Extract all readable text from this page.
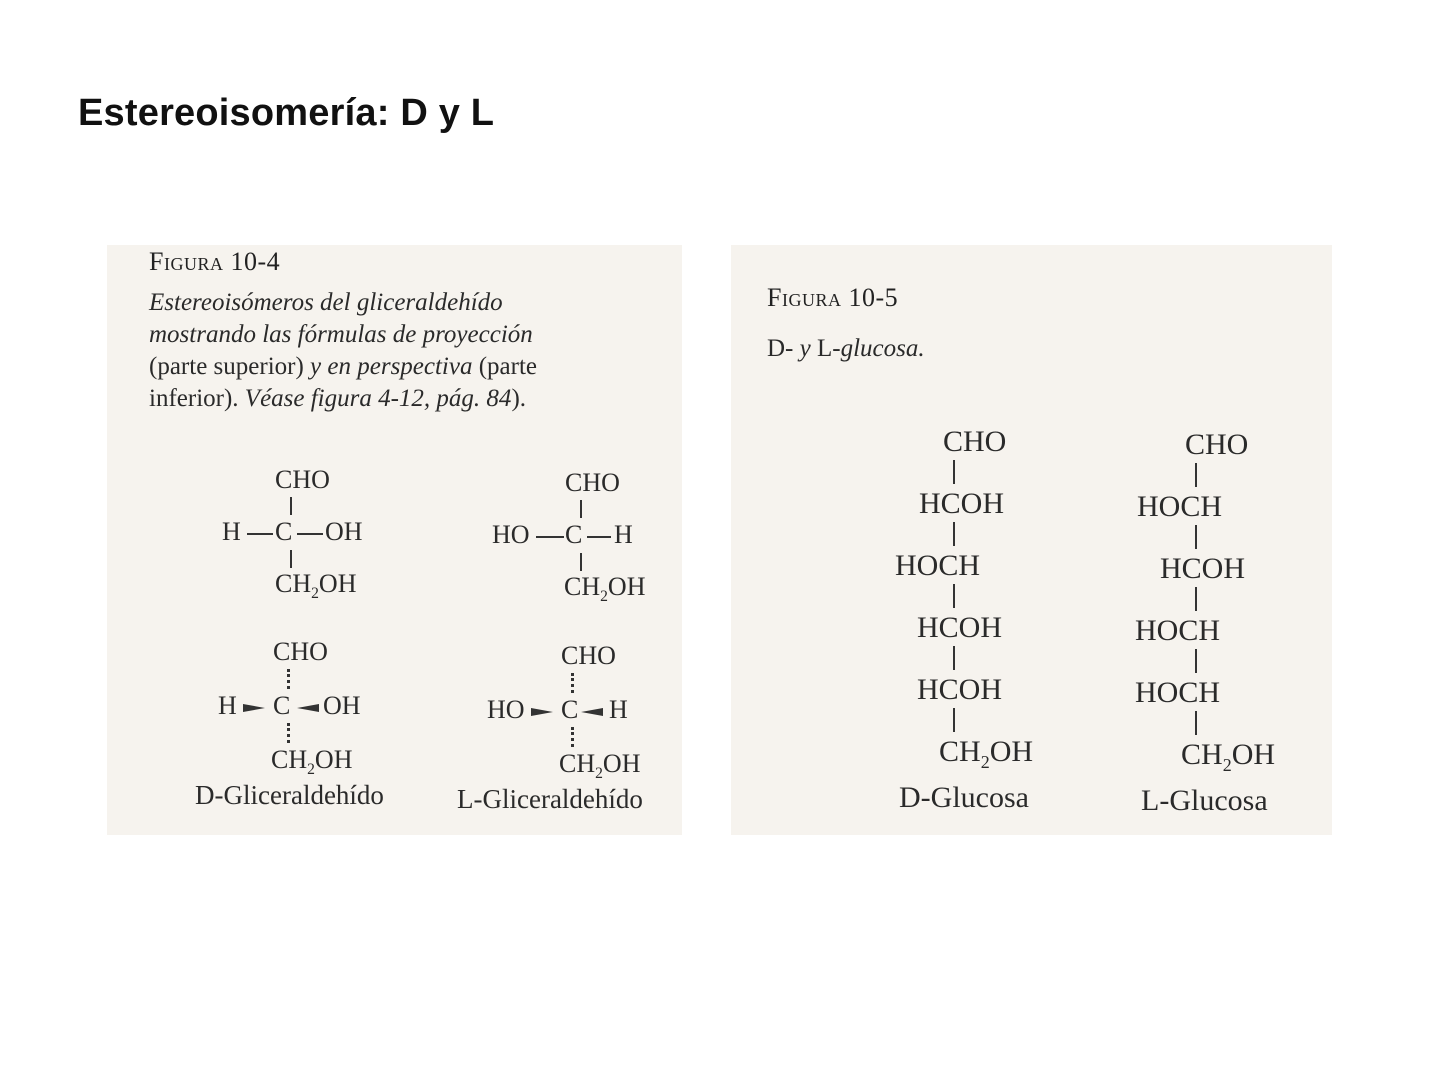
Estereoisomería: D y L
Figura 10-4
Estereoisómeros del gliceraldehído
mostrando las fórmulas de proyección
(parte superior) y en perspectiva (parte
inferior). Véase figura 4-12, pág. 84).
CHO
H C OH
$CH_2OH$
CHO
HO C H
$CH_2OH$
CHO
H C OH
$CH_2OH$
CHO
HO C H
$CH_2OH$
D-Gliceraldehído	L-Gliceraldehído
Figura 10-5
D- y L-glucosa.
CHO
HCOH
HOCH
HCOH
HCOH
$CH_2OH$
CHO
HOCH
HCOH
HOCH
HOCH
$CH_2OH$
D-Glucosa	L-Glucosa
